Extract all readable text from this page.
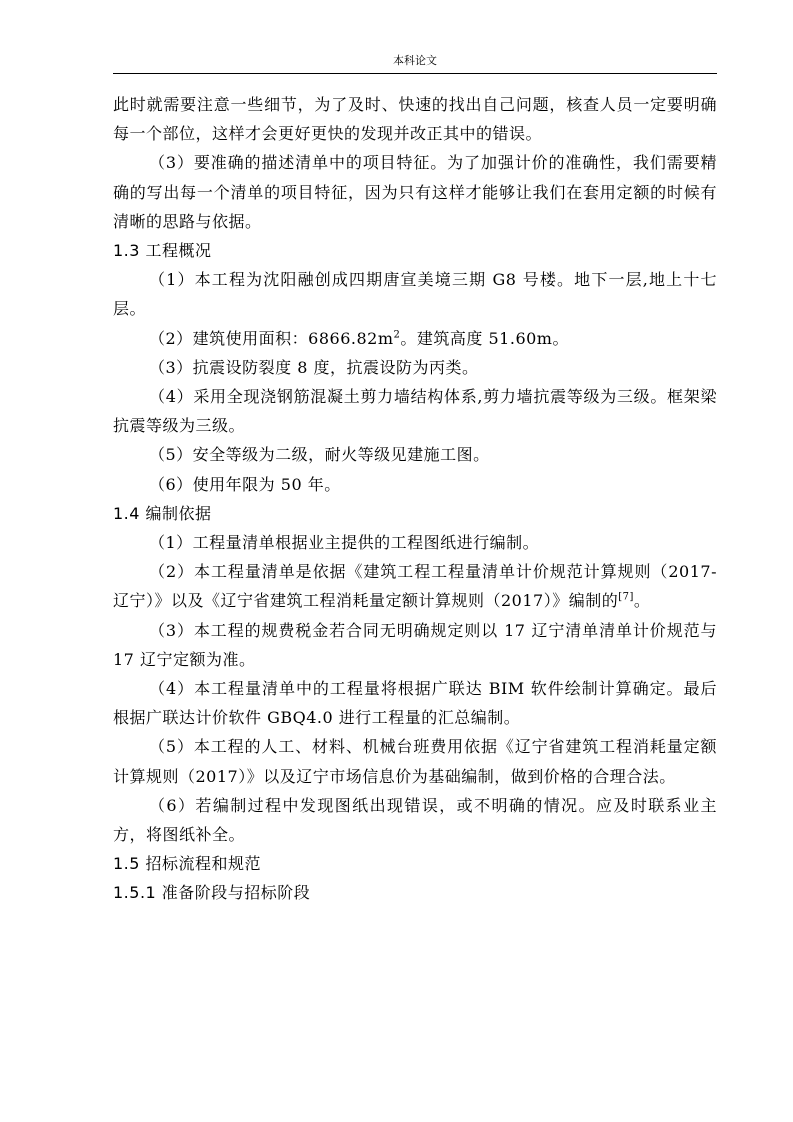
本科论文
此时就需要注意一些细节，为了及时、快速的找出自己问题，核查人员一定要明确每一个部位，这样才会更好更快的发现并改正其中的错误。
（3）要准确的描述清单中的项目特征。为了加强计价的准确性，我们需要精确的写出每一个清单的项目特征，因为只有这样才能够让我们在套用定额的时候有清晰的思路与依据。
1.3 工程概况
（1）本工程为沈阳融创成四期唐宣美境三期 G8 号楼。地下一层,地上十七层。
（2）建筑使用面积：$6866.82m^2$。建筑高度 51.60m。
（3）抗震设防裂度 8 度，抗震设防为丙类。
（4）采用全现浇钢筋混凝土剪力墙结构体系,剪力墙抗震等级为三级。框架梁抗震等级为三级。
（5）安全等级为二级，耐火等级见建施工图。
（6）使用年限为 50 年。
1.4 编制依据
（1）工程量清单根据业主提供的工程图纸进行编制。
（2）本工程量清单是依据《建筑工程工程量清单计价规范计算规则（2017-辽宁）》以及《辽宁省建筑工程消耗量定额计算规则（2017）》编制的[7]。
（3）本工程的规费税金若合同无明确规定则以 17 辽宁清单清单计价规范与 17 辽宁定额为准。
（4）本工程量清单中的工程量将根据广联达 BIM 软件绘制计算确定。最后根据广联达计价软件 GBQ4.0 进行工程量的汇总编制。
（5）本工程的人工、材料、机械台班费用依据《辽宁省建筑工程消耗量定额计算规则（2017）》以及辽宁市场信息价为基础编制，做到价格的合理合法。
（6）若编制过程中发现图纸出现错误，或不明确的情况。应及时联系业主方，将图纸补全。
1.5 招标流程和规范
1.5.1 准备阶段与招标阶段
